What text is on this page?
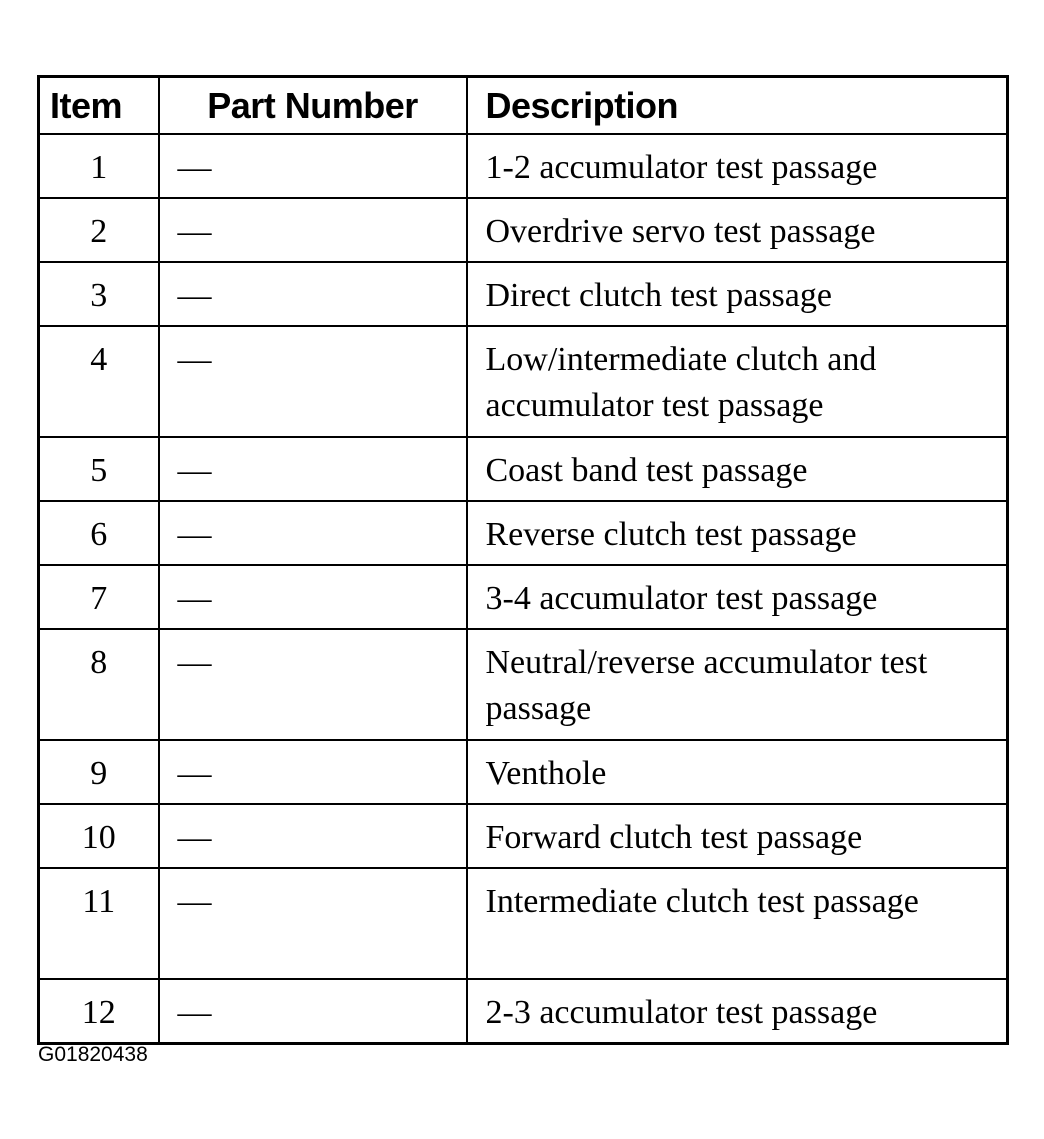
Item	Part Number	Description
1	—	1-2 accumulator test passage
2	—	Overdrive servo test passage
3	—	Direct clutch test passage
4	—	Low/intermediate clutch and accumulator test passage
5	—	Coast band test passage
6	—	Reverse clutch test passage
7	—	3-4 accumulator test passage
8	—	Neutral/reverse accumulator test passage
9	—	Venthole
10	—	Forward clutch test passage
11	—	Intermediate clutch test passage
12	—	2-3 accumulator test passage

G01820438
